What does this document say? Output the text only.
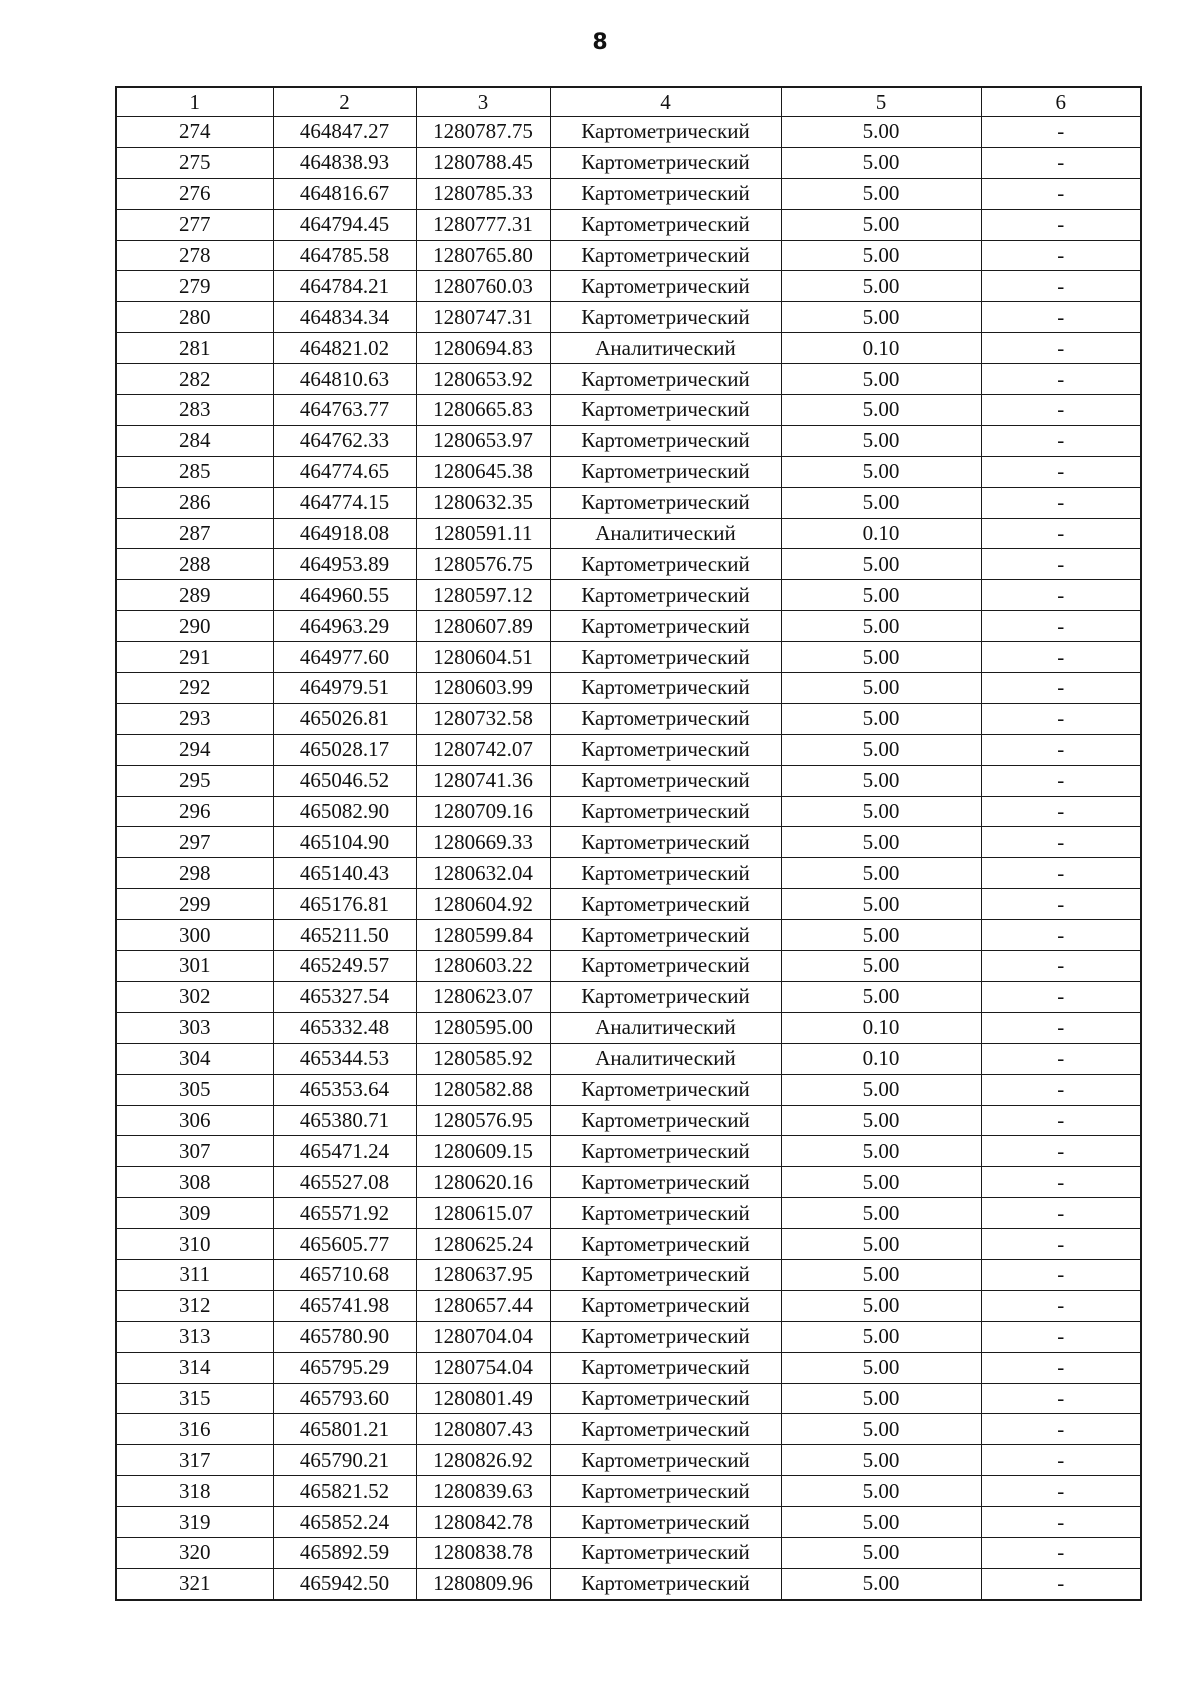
8
1	2	3	4	5	6
274	464847.27	1280787.75	Картометрический	5.00	-
275	464838.93	1280788.45	Картометрический	5.00	-
276	464816.67	1280785.33	Картометрический	5.00	-
277	464794.45	1280777.31	Картометрический	5.00	-
278	464785.58	1280765.80	Картометрический	5.00	-
279	464784.21	1280760.03	Картометрический	5.00	-
280	464834.34	1280747.31	Картометрический	5.00	-
281	464821.02	1280694.83	Аналитический	0.10	-
282	464810.63	1280653.92	Картометрический	5.00	-
283	464763.77	1280665.83	Картометрический	5.00	-
284	464762.33	1280653.97	Картометрический	5.00	-
285	464774.65	1280645.38	Картометрический	5.00	-
286	464774.15	1280632.35	Картометрический	5.00	-
287	464918.08	1280591.11	Аналитический	0.10	-
288	464953.89	1280576.75	Картометрический	5.00	-
289	464960.55	1280597.12	Картометрический	5.00	-
290	464963.29	1280607.89	Картометрический	5.00	-
291	464977.60	1280604.51	Картометрический	5.00	-
292	464979.51	1280603.99	Картометрический	5.00	-
293	465026.81	1280732.58	Картометрический	5.00	-
294	465028.17	1280742.07	Картометрический	5.00	-
295	465046.52	1280741.36	Картометрический	5.00	-
296	465082.90	1280709.16	Картометрический	5.00	-
297	465104.90	1280669.33	Картометрический	5.00	-
298	465140.43	1280632.04	Картометрический	5.00	-
299	465176.81	1280604.92	Картометрический	5.00	-
300	465211.50	1280599.84	Картометрический	5.00	-
301	465249.57	1280603.22	Картометрический	5.00	-
302	465327.54	1280623.07	Картометрический	5.00	-
303	465332.48	1280595.00	Аналитический	0.10	-
304	465344.53	1280585.92	Аналитический	0.10	-
305	465353.64	1280582.88	Картометрический	5.00	-
306	465380.71	1280576.95	Картометрический	5.00	-
307	465471.24	1280609.15	Картометрический	5.00	-
308	465527.08	1280620.16	Картометрический	5.00	-
309	465571.92	1280615.07	Картометрический	5.00	-
310	465605.77	1280625.24	Картометрический	5.00	-
311	465710.68	1280637.95	Картометрический	5.00	-
312	465741.98	1280657.44	Картометрический	5.00	-
313	465780.90	1280704.04	Картометрический	5.00	-
314	465795.29	1280754.04	Картометрический	5.00	-
315	465793.60	1280801.49	Картометрический	5.00	-
316	465801.21	1280807.43	Картометрический	5.00	-
317	465790.21	1280826.92	Картометрический	5.00	-
318	465821.52	1280839.63	Картометрический	5.00	-
319	465852.24	1280842.78	Картометрический	5.00	-
320	465892.59	1280838.78	Картометрический	5.00	-
321	465942.50	1280809.96	Картометрический	5.00	-
